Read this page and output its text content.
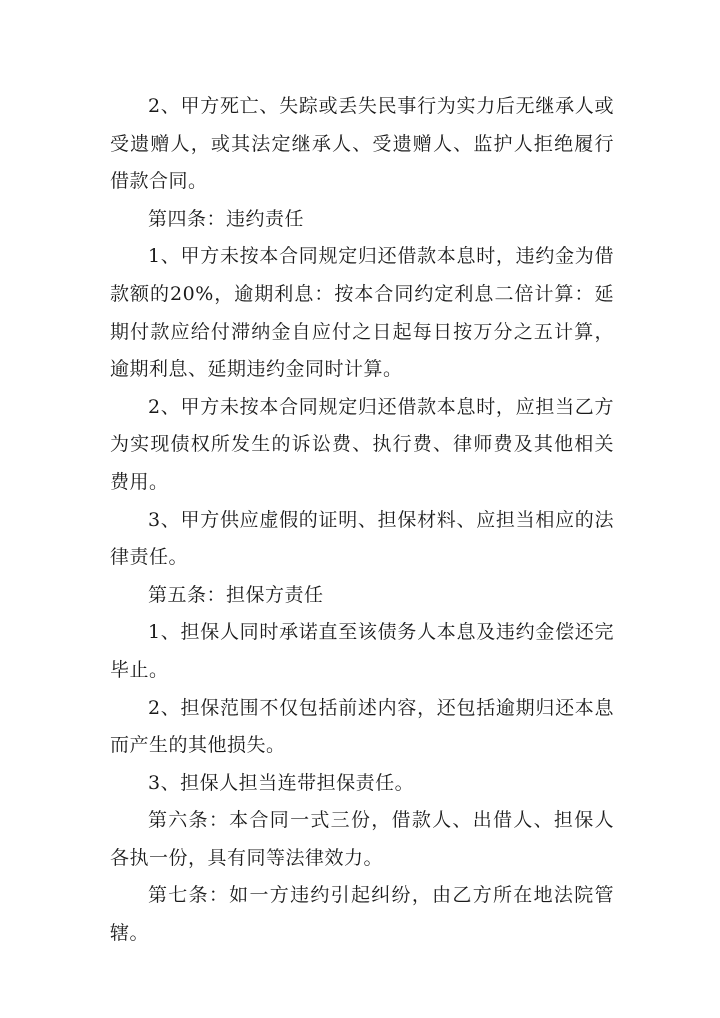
2、甲方死亡、失踪或丢失民事行为实力后无继承人或受遗赠人，或其法定继承人、受遗赠人、监护人拒绝履行借款合同。

第四条：违约责任

1、甲方未按本合同规定归还借款本息时，违约金为借款额的20%，逾期利息：按本合同约定利息二倍计算：延期付款应给付滞纳金自应付之日起每日按万分之五计算，逾期利息、延期违约金同时计算。

2、甲方未按本合同规定归还借款本息时，应担当乙方为实现债权所发生的诉讼费、执行费、律师费及其他相关费用。

3、甲方供应虚假的证明、担保材料、应担当相应的法律责任。

第五条：担保方责任

1、担保人同时承诺直至该债务人本息及违约金偿还完毕止。

2、担保范围不仅包括前述内容，还包括逾期归还本息而产生的其他损失。

3、担保人担当连带担保责任。

第六条：本合同一式三份，借款人、出借人、担保人各执一份，具有同等法律效力。

第七条：如一方违约引起纠纷，由乙方所在地法院管辖。
